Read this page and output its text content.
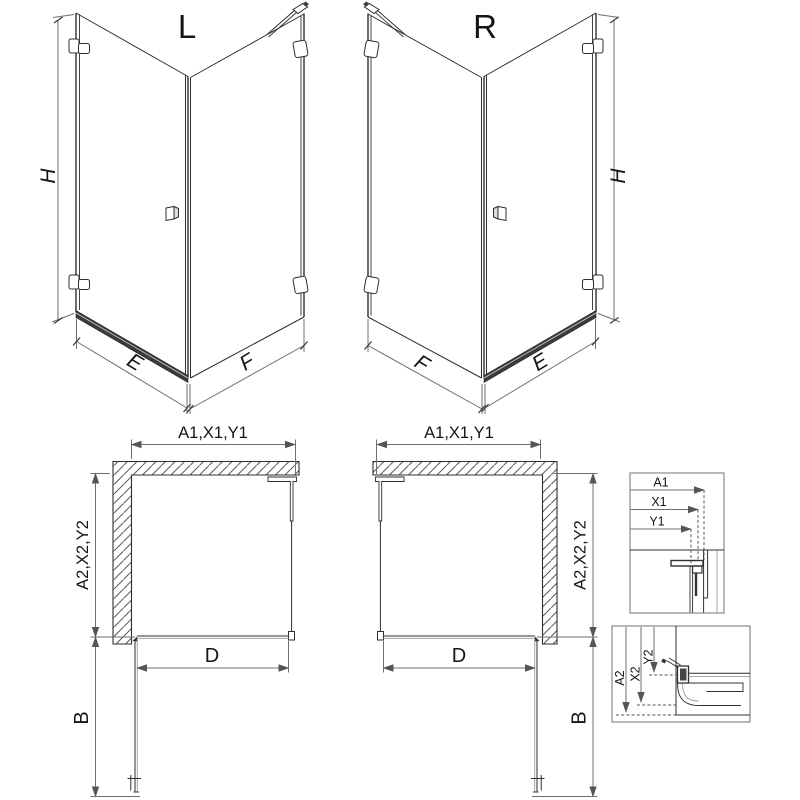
L
H
E	F
R
H
F	E
A1,X1,Y1
A2,X2,Y2
B
D
A1,X1,Y1
A2,X2,Y2
B
D
A1
X1
Y1
A2 X2
Y2
